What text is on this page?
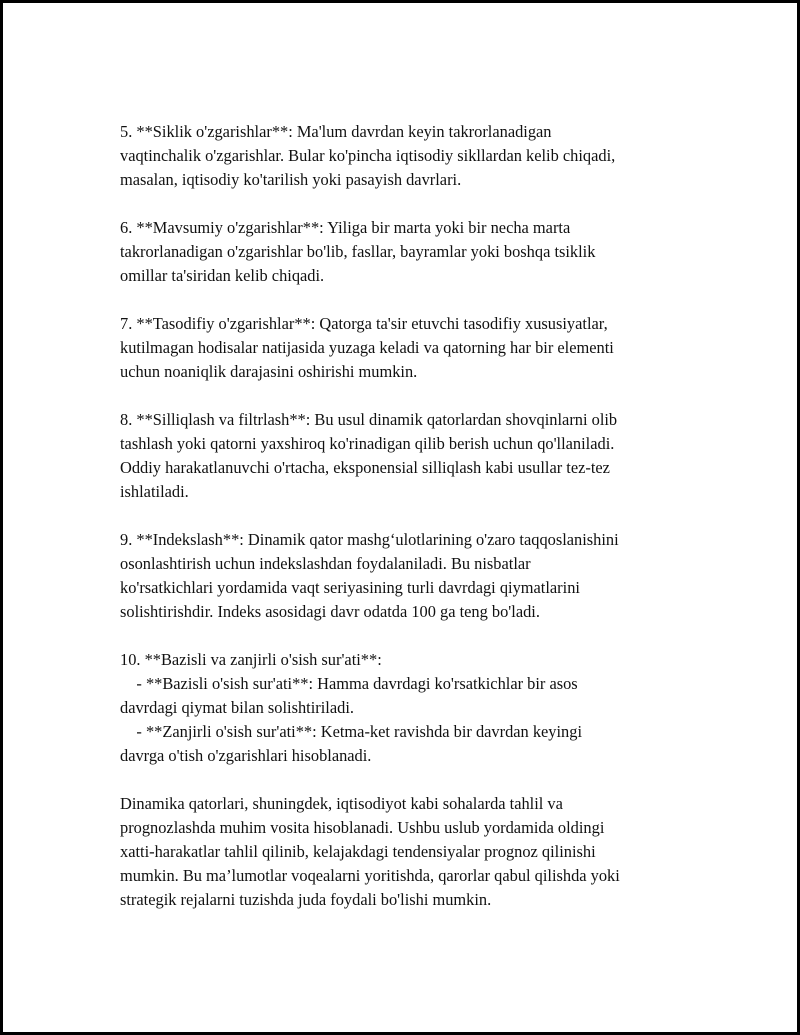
5. **Siklik o'zgarishlar**: Ma'lum davrdan keyin takrorlanadigan
vaqtinchalik o'zgarishlar. Bular ko'pincha iqtisodiy sikllardan kelib chiqadi,
masalan, iqtisodiy ko'tarilish yoki pasayish davrlari.

6. **Mavsumiy o'zgarishlar**: Yiliga bir marta yoki bir necha marta
takrorlanadigan o'zgarishlar bo'lib, fasllar, bayramlar yoki boshqa tsiklik
omillar ta'siridan kelib chiqadi.

7. **Tasodifiy o'zgarishlar**: Qatorga ta'sir etuvchi tasodifiy xususiyatlar,
kutilmagan hodisalar natijasida yuzaga keladi va qatorning har bir elementi
uchun noaniqlik darajasini oshirishi mumkin.

8. **Silliqlash va filtrlash**: Bu usul dinamik qatorlardan shovqinlarni olib
tashlash yoki qatorni yaxshiroq ko'rinadigan qilib berish uchun qo'llaniladi.
Oddiy harakatlanuvchi o'rtacha, eksponensial silliqlash kabi usullar tez-tez
ishlatiladi.

9. **Indekslash**: Dinamik qator mashg‘ulotlarining o'zaro taqqoslanishini
osonlashtirish uchun indekslashdan foydalaniladi. Bu nisbatlar
ko'rsatkichlari yordamida vaqt seriyasining turli davrdagi qiymatlarini
solishtirishdir. Indeks asosidagi davr odatda 100 ga teng bo'ladi.

10. **Bazisli va zanjirli o'sish sur'ati**:
- **Bazisli o'sish sur'ati**: Hamma davrdagi ko'rsatkichlar bir asos
davrdagi qiymat bilan solishtiriladi.
- **Zanjirli o'sish sur'ati**: Ketma-ket ravishda bir davrdan keyingi
davrga o'tish o'zgarishlari hisoblanadi.

Dinamika qatorlari, shuningdek, iqtisodiyot kabi sohalarda tahlil va
prognozlashda muhim vosita hisoblanadi. Ushbu uslub yordamida oldingi
xatti-harakatlar tahlil qilinib, kelajakdagi tendensiyalar prognoz qilinishi
mumkin. Bu ma’lumotlar voqealarni yoritishda, qarorlar qabul qilishda yoki
strategik rejalarni tuzishda juda foydali bo'lishi mumkin.
